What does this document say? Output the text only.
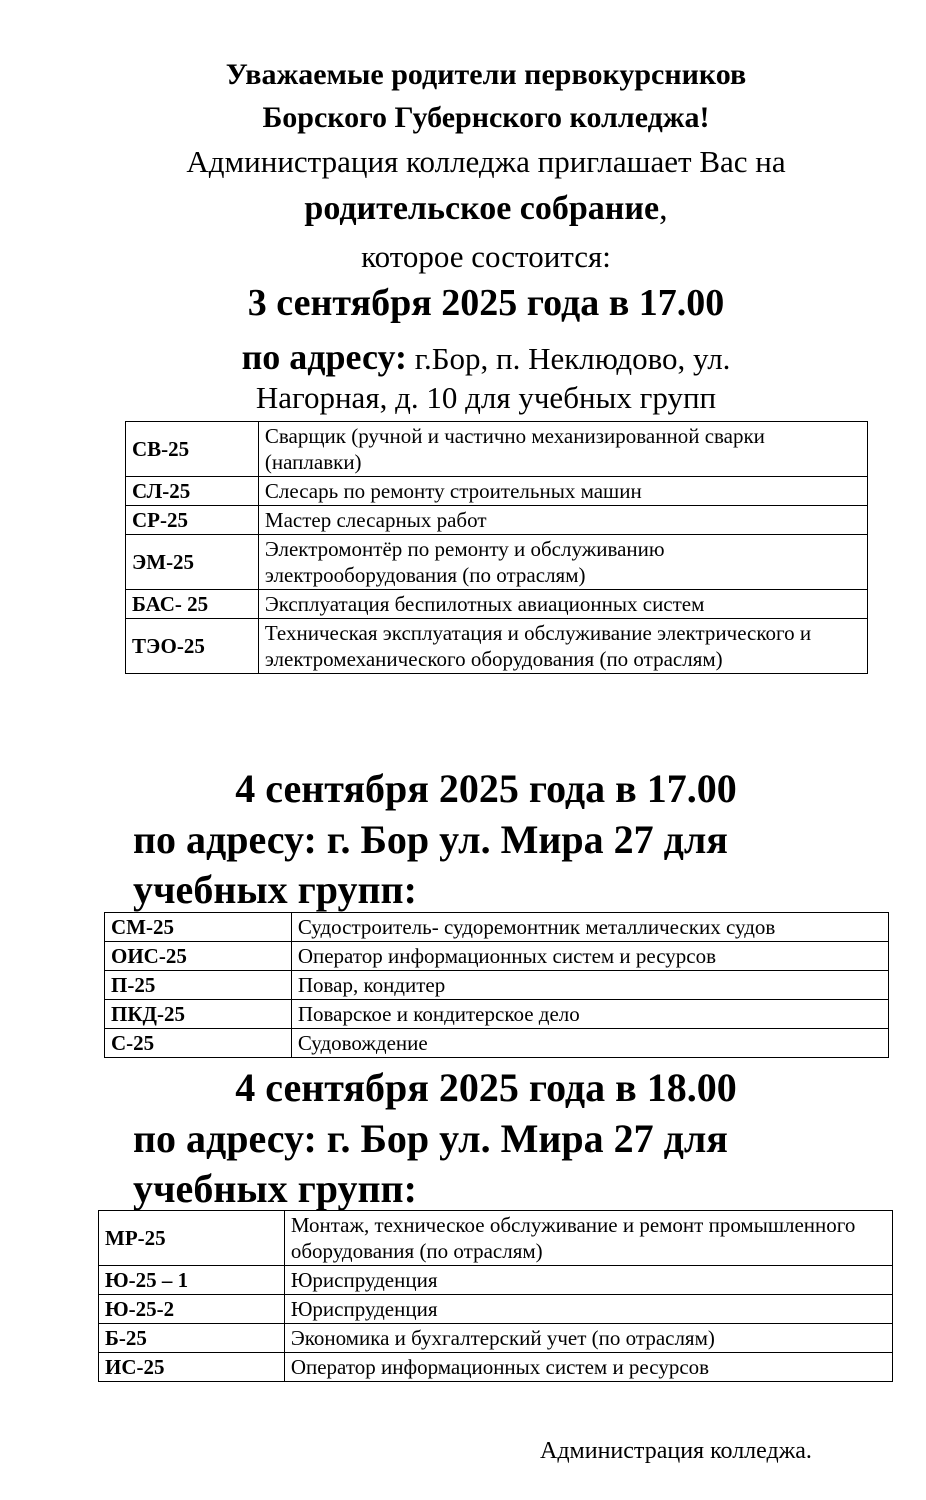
Уважаемые родители первокурсников
Борского Губернского колледжа!
Администрация колледжа приглашает Вас на
родительское собрание,
которое состоится:
3 сентября 2025 года в 17.00
по адресу: г.Бор, п. Неклюдово, ул.
Нагорная, д. 10 для учебных групп
СВ-25	Сварщик (ручной и частично механизированной сварки (наплавки)
СЛ-25	Слесарь по ремонту строительных машин
СР-25	Мастер слесарных работ
ЭМ-25	Электромонтёр по ремонту и обслуживанию электрооборудования (по отраслям)
БАС- 25	Эксплуатация беспилотных авиационных систем
ТЭО-25	Техническая эксплуатация и обслуживание электрического и электромеханического оборудования (по отраслям)
4 сентября 2025 года в 17.00
по адресу: г. Бор ул. Мира 27 для
учебных групп:
СМ-25	Судостроитель- судоремонтник металлических судов
ОИС-25	Оператор информационных систем и ресурсов
П-25	Повар, кондитер
ПКД-25	Поварское и кондитерское дело
С-25	Судовождение
4 сентября 2025 года в 18.00
по адресу: г. Бор ул. Мира 27 для
учебных групп:
МР-25	Монтаж, техническое обслуживание и ремонт промышленного оборудования (по отраслям)
Ю-25 – 1	Юриспруденция
Ю-25-2	Юриспруденция
Б-25	Экономика и бухгалтерский учет (по отраслям)
ИС-25	Оператор информационных систем и ресурсов
Администрация колледжа.
